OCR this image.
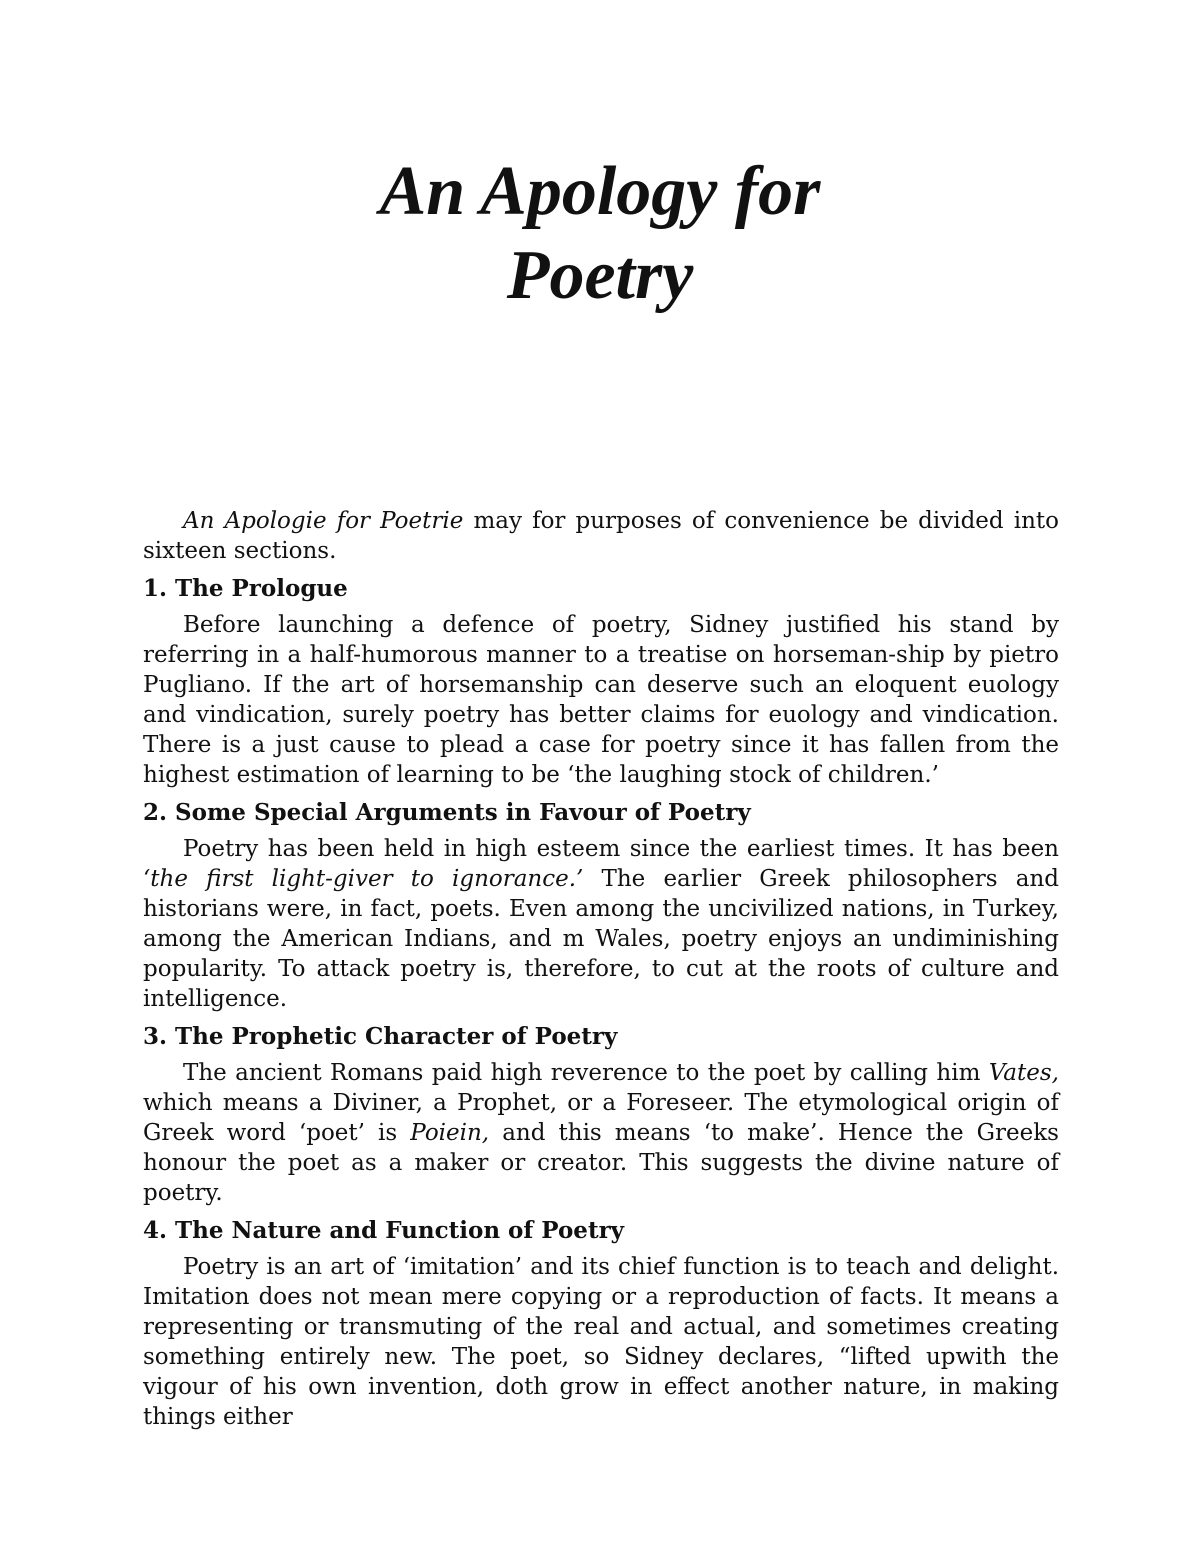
An Apology for
Poetry

An Apologie for Poetrie may for purposes of convenience be divided into sixteen sections.

1. The Prologue

Before launching a defence of poetry, Sidney justified his stand by referring in a half-humorous manner to a treatise on horseman-ship by pietro Pugliano. If the art of horsemanship can deserve such an eloquent euology and vindication, surely poetry has better claims for euology and vindication. There is a just cause to plead a case for poetry since it has fallen from the highest estimation of learning to be ‘the laughing stock of children.’

2. Some Special Arguments in Favour of Poetry

Poetry has been held in high esteem since the earliest times. It has been ‘the first light-giver to ignorance.’ The earlier Greek philosophers and historians were, in fact, poets. Even among the uncivilized nations, in Turkey, among the American Indians, and m Wales, poetry enjoys an undiminishing popularity. To attack poetry is, therefore, to cut at the roots of culture and intelligence.

3. The Prophetic Character of Poetry

The ancient Romans paid high reverence to the poet by calling him Vates, which means a Diviner, a Prophet, or a Foreseer. The etymological origin of Greek word ‘poet’ is Poiein, and this means ‘to make’. Hence the Greeks honour the poet as a maker or creator. This suggests the divine nature of poetry.

4. The Nature and Function of Poetry

Poetry is an art of ‘imitation’ and its chief function is to teach and delight. Imitation does not mean mere copying or a reproduction of facts. It means a representing or transmuting of the real and actual, and sometimes creating something entirely new. The poet, so Sidney declares, “lifted upwith the vigour of his own invention, doth grow in effect another nature, in making things either
